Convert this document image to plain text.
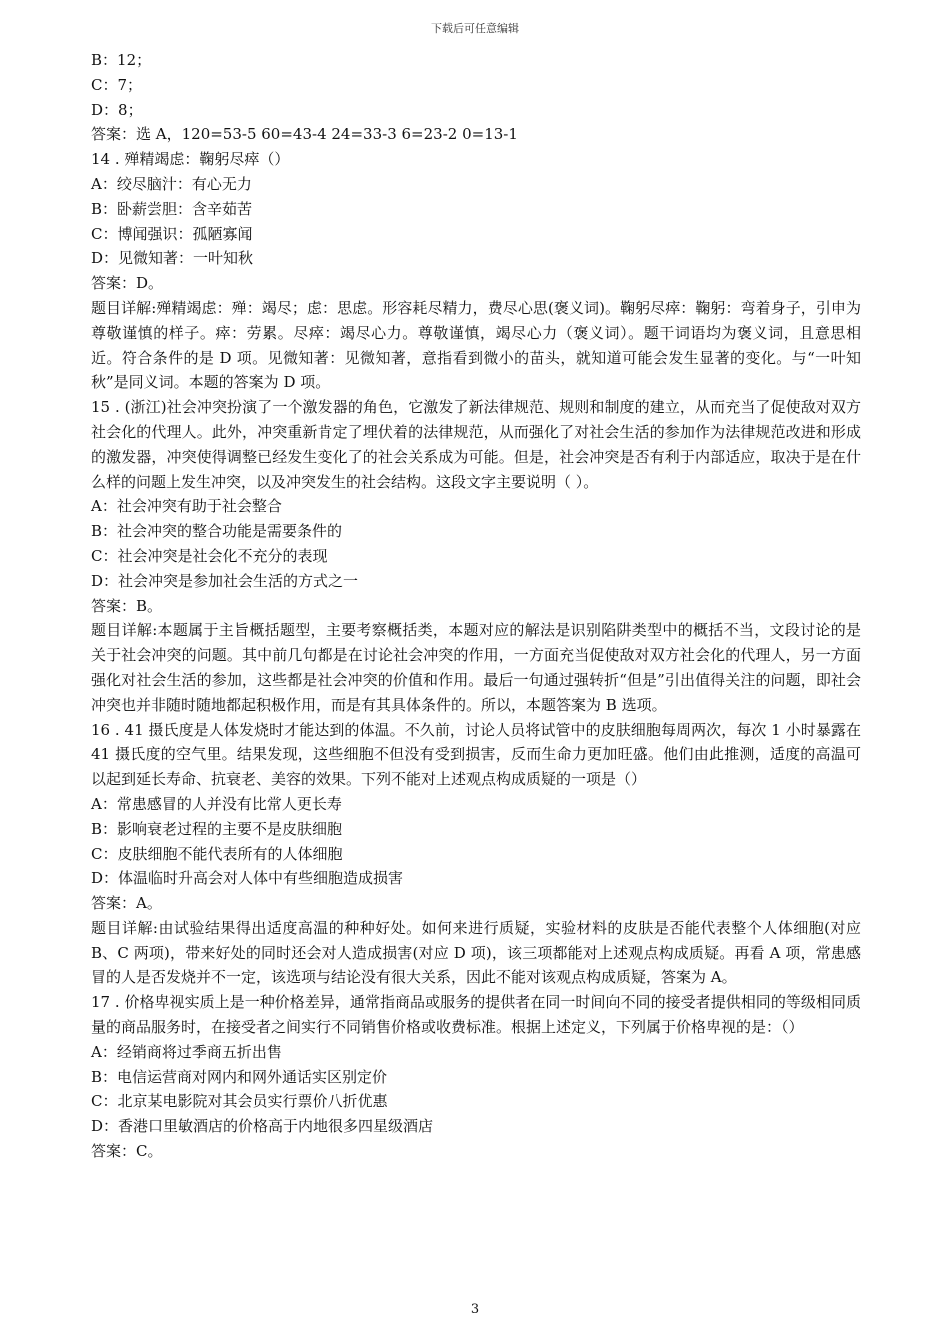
下载后可任意编辑
B：12；
C：7；
D：8；
答案：选 A，120=53-5 60=43-4 24=33-3 6=23-2 0=13-1
14 . 殚精竭虑：鞠躬尽瘁（）
A：绞尽脑汁：有心无力
B：卧薪尝胆：含辛茹苦
C：博闻强识：孤陋寡闻
D：见微知著：一叶知秋
答案：D。
题目详解:殚精竭虑：殚：竭尽；虑：思虑。形容耗尽精力，费尽心思(褒义词)。鞠躬尽瘁：鞠躬：弯着身子，引申为尊敬谨慎的样子。瘁：劳累。尽瘁：竭尽心力。尊敬谨慎，竭尽心力（褒义词）。题干词语均为褒义词，且意思相近。符合条件的是 D 项。见微知著：见微知著，意指看到微小的苗头，就知道可能会发生显著的变化。与“一叶知秋”是同义词。本题的答案为 D 项。
15 . (浙江)社会冲突扮演了一个激发器的角色，它激发了新法律规范、规则和制度的建立，从而充当了促使敌对双方社会化的代理人。此外，冲突重新肯定了埋伏着的法律规范，从而强化了对社会生活的参加作为法律规范改进和形成的激发器，冲突使得调整已经发生变化了的社会关系成为可能。但是，社会冲突是否有利于内部适应，取决于是在什么样的问题上发生冲突，以及冲突发生的社会结构。这段文字主要说明（ ）。
A：社会冲突有助于社会整合
B：社会冲突的整合功能是需要条件的
C：社会冲突是社会化不充分的表现
D：社会冲突是参加社会生活的方式之一
答案：B。
题目详解:本题属于主旨概括题型，主要考察概括类，本题对应的解法是识别陷阱类型中的概括不当，文段讨论的是关于社会冲突的问题。其中前几句都是在讨论社会冲突的作用，一方面充当促使敌对双方社会化的代理人，另一方面强化对社会生活的参加，这些都是社会冲突的价值和作用。最后一句通过强转折“但是”引出值得关注的问题，即社会冲突也并非随时随地都起积极作用，而是有其具体条件的。所以，本题答案为 B 选项。
16 . 41 摄氏度是人体发烧时才能达到的体温。不久前，讨论人员将试管中的皮肤细胞每周两次，每次 1 小时暴露在 41 摄氏度的空气里。结果发现，这些细胞不但没有受到损害，反而生命力更加旺盛。他们由此推测，适度的高温可以起到延长寿命、抗衰老、美容的效果。下列不能对上述观点构成质疑的一项是（）
A：常患感冒的人并没有比常人更长寿
B：影响衰老过程的主要不是皮肤细胞
C：皮肤细胞不能代表所有的人体细胞
D：体温临时升高会对人体中有些细胞造成损害
答案：A。
题目详解:由试验结果得出适度高温的种种好处。如何来进行质疑，实验材料的皮肤是否能代表整个人体细胞(对应 B、C 两项)，带来好处的同时还会对人造成损害(对应 D 项)，该三项都能对上述观点构成质疑。再看 A 项，常患感冒的人是否发烧并不一定，该选项与结论没有很大关系，因此不能对该观点构成质疑，答案为 A。
17 . 价格卑视实质上是一种价格差异，通常指商品或服务的提供者在同一时间向不同的接受者提供相同的等级相同质量的商品服务时，在接受者之间实行不同销售价格或收费标准。根据上述定义，下列属于价格卑视的是：（）
A：经销商将过季商五折出售
B：电信运营商对网内和网外通话实区别定价
C：北京某电影院对其会员实行票价八折优惠
D：香港口里敏酒店的价格高于内地很多四星级酒店
答案：C。
3
